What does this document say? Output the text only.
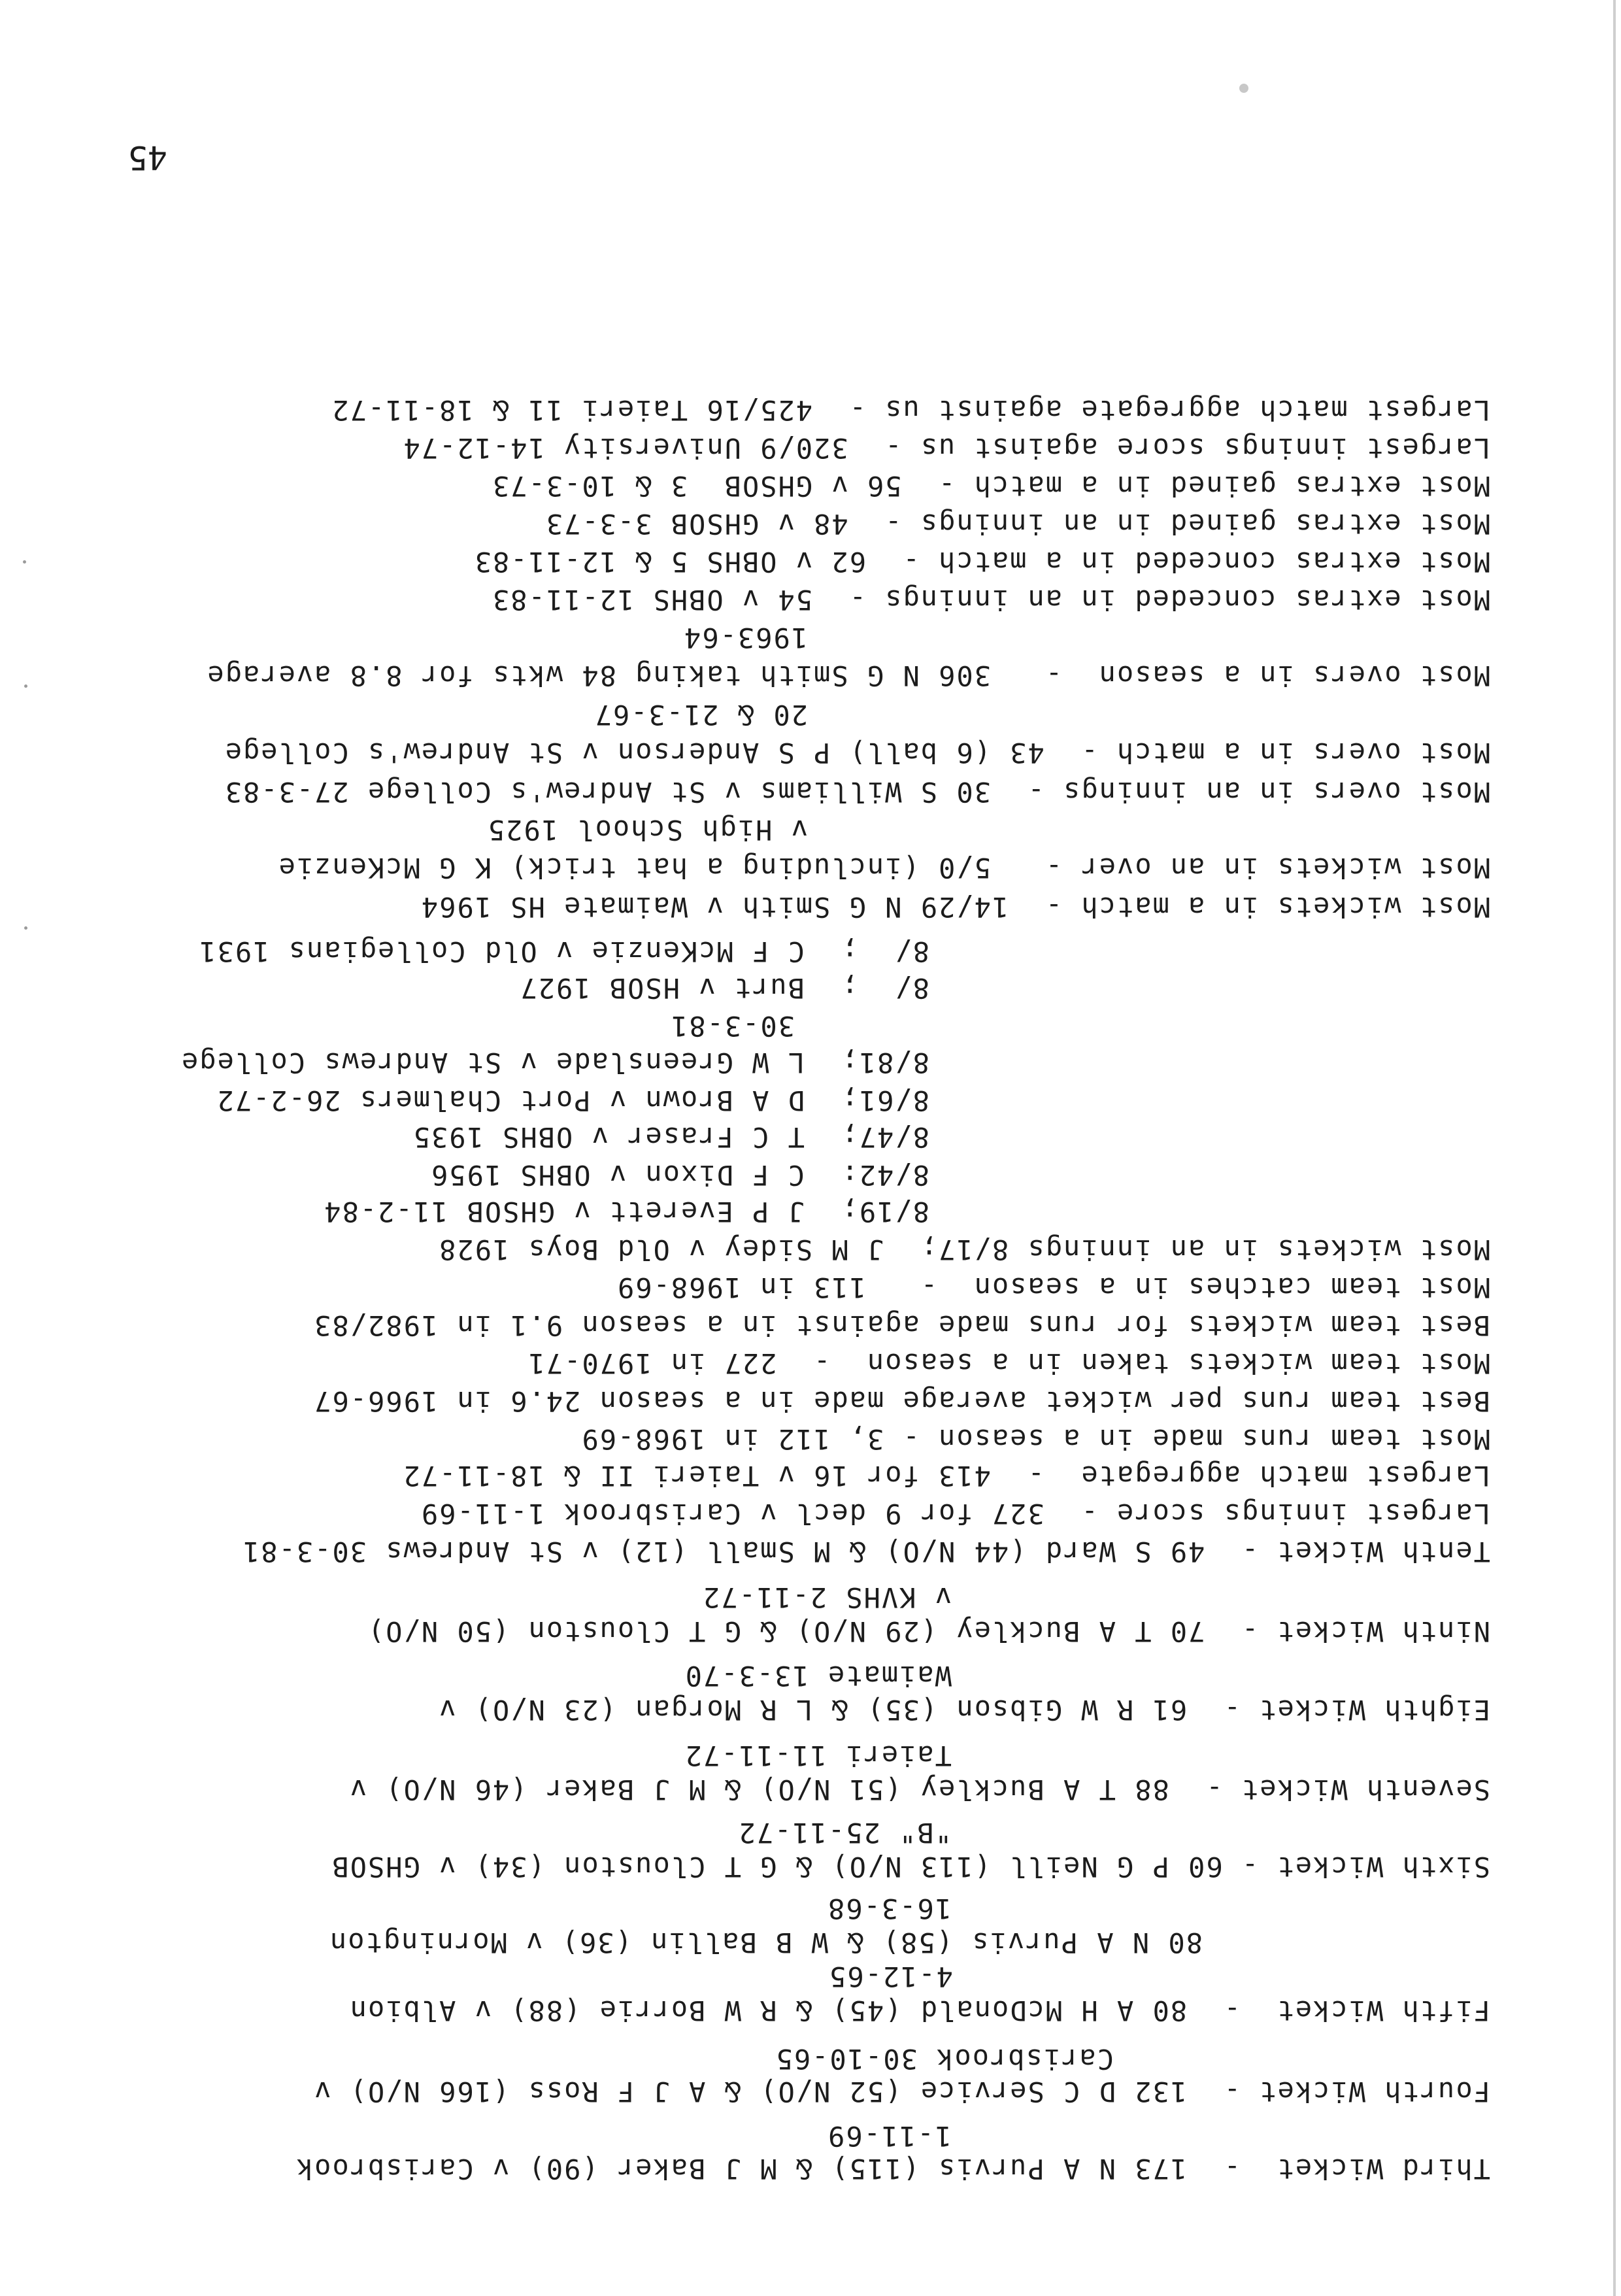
Third Wicket  -  173 N A Purvis (115) & M J Baker (90) v Carisbrook
1-11-69
Fourth Wicket -  132 D C Service (52 N/O) & A J F Ross (166 N/O) v
Carisbrook 30-10-65
Fifth Wicket  -  80 A H McDonald (45) & R W Borrie (88) v Albion
4-12-65
80 N A Purvis (58) & W B Ballin (36) v Mornington
16-3-68
Sixth Wicket - 60 P G Neill (113 N/O) & G T Clouston (34) v GHSOB
"B" 25-11-72
Seventh Wicket -  88 T A Buckley (51 N/O) & M J Baker (46 N/O) v
Taieri 11-11-72
Eighth Wicket -  61 R W Gibson (35) & L R Morgan (23 N/O) v
Waimate 13-3-70
Ninth Wicket -  70 T A Buckley (29 N/O) & G T Clouston (50 N/O)
v KVHS 2-11-72
Tenth Wicket -  49 S Ward (44 N/O) & M Small (12) v St Andrews 30-3-81
Largest innings score -  327 for 9 decl v Carisbrook 1-11-69
Largest match aggregate  -  413 for 16 v Taieri II & 18-11-72
Most team runs made in a season - 3, 112 in 1968-69
Best team runs per wicket average made in a season 24.6 in 1966-67
Most team wickets taken in a season  -  227 in 1970-71
Best team wickets for runs made against in a season 9.1 in 1982/83
Most team catches in a season  -   113 in 1968-69
Most wickets in an innings 8/17;  J M Sidey v Old Boys 1928
8/19;  J P Everett v GHSOB 11-2-84
8/42:  C F Dixon v OBHS 1956
8/47;  T C Fraser v OBHS 1935
8/61;  D A Brown v Port Chalmers 26-2-72
8/81;  L W Greenslade v St Andrews College
30-3-81
8/  ;  Burt v HSOB 1927
8/  ;  C F McKenzie v Old Collegians 1931
Most wickets in a match -  14/29 N G Smith v Waimate HS 1964
Most wickets in an over -   5/0 (including a hat trick) K G McKenzie
v High School 1925
Most overs in an innings -  30 S Williams v St Andrew's College 27-3-83
Most overs in a match -  43 (6 ball) P S Anderson v St Andrew's College
20 & 21-3-67
Most overs in a season  -   306 N G Smith taking 84 wkts for 8.8 average
1963-64
Most extras conceded in an innings -  54 v OBHS 12-11-83
Most extras conceded in a match -  62 v OBHS 5 & 12-11-83
Most extras gained in an innings -  48 v GHSOB 3-3-73
Most extras gained in a match -  56 v GHSOB  3 & 10-3-73
Largest innings score against us -  320/9 University 14-12-74
Largest match aggregate against us -  425/16 Taieri 11 & 18-11-72
45
